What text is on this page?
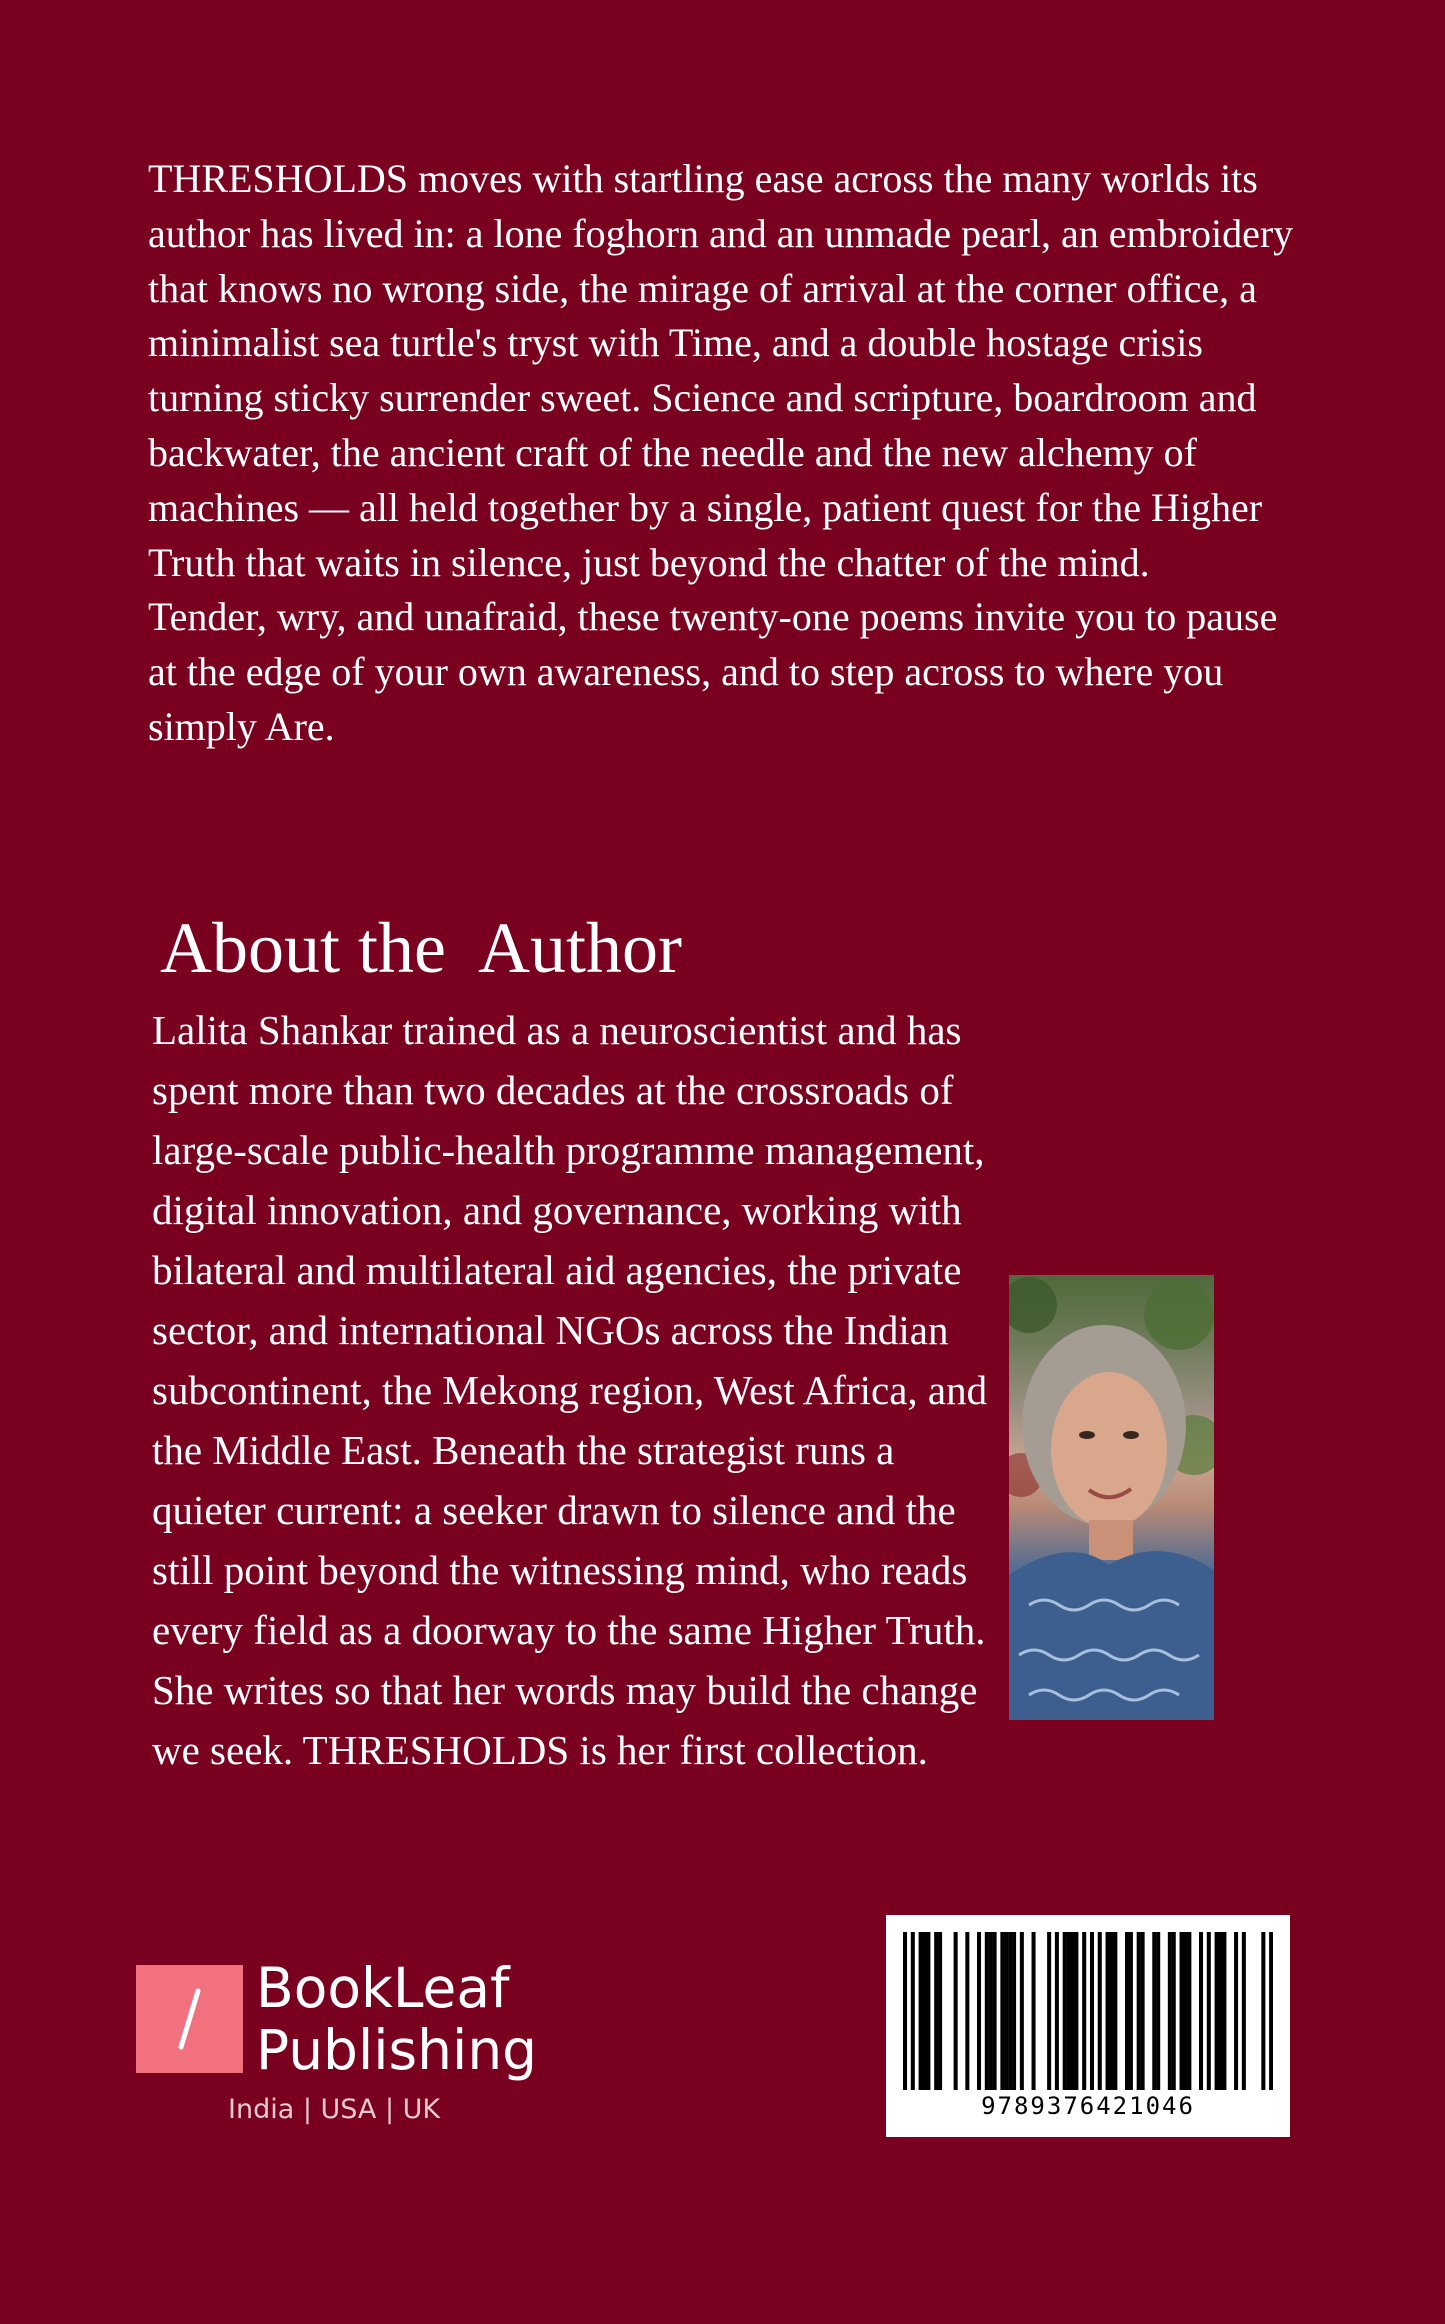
THRESHOLDS moves with startling ease across the many worlds its author has lived in: a lone foghorn and an unmade pearl, an embroidery that knows no wrong side, the mirage of arrival at the corner office, a minimalist sea turtle's tryst with Time, and a double hostage crisis turning sticky surrender sweet. Science and scripture, boardroom and backwater, the ancient craft of the needle and the new alchemy of machines — all held together by a single, patient quest for the Higher Truth that waits in silence, just beyond the chatter of the mind.

Tender, wry, and unafraid, these twenty-one poems invite you to pause at the edge of your own awareness, and to step across to where you simply Are.

About the  Author

Lalita Shankar trained as a neuroscientist and has spent more than two decades at the crossroads of large-scale public-health programme management, digital innovation, and governance, working with bilateral and multilateral aid agencies, the private sector, and international NGOs across the Indian subcontinent, the Mekong region, West Africa, and the Middle East. Beneath the strategist runs a quieter current: a seeker drawn to silence and the still point beyond the witnessing mind, who reads every field as a doorway to the same Higher Truth. She writes so that her words may build the change we seek. THRESHOLDS is her first collection.

BookLeaf
Publishing
India | USA | UK	9789376421046
